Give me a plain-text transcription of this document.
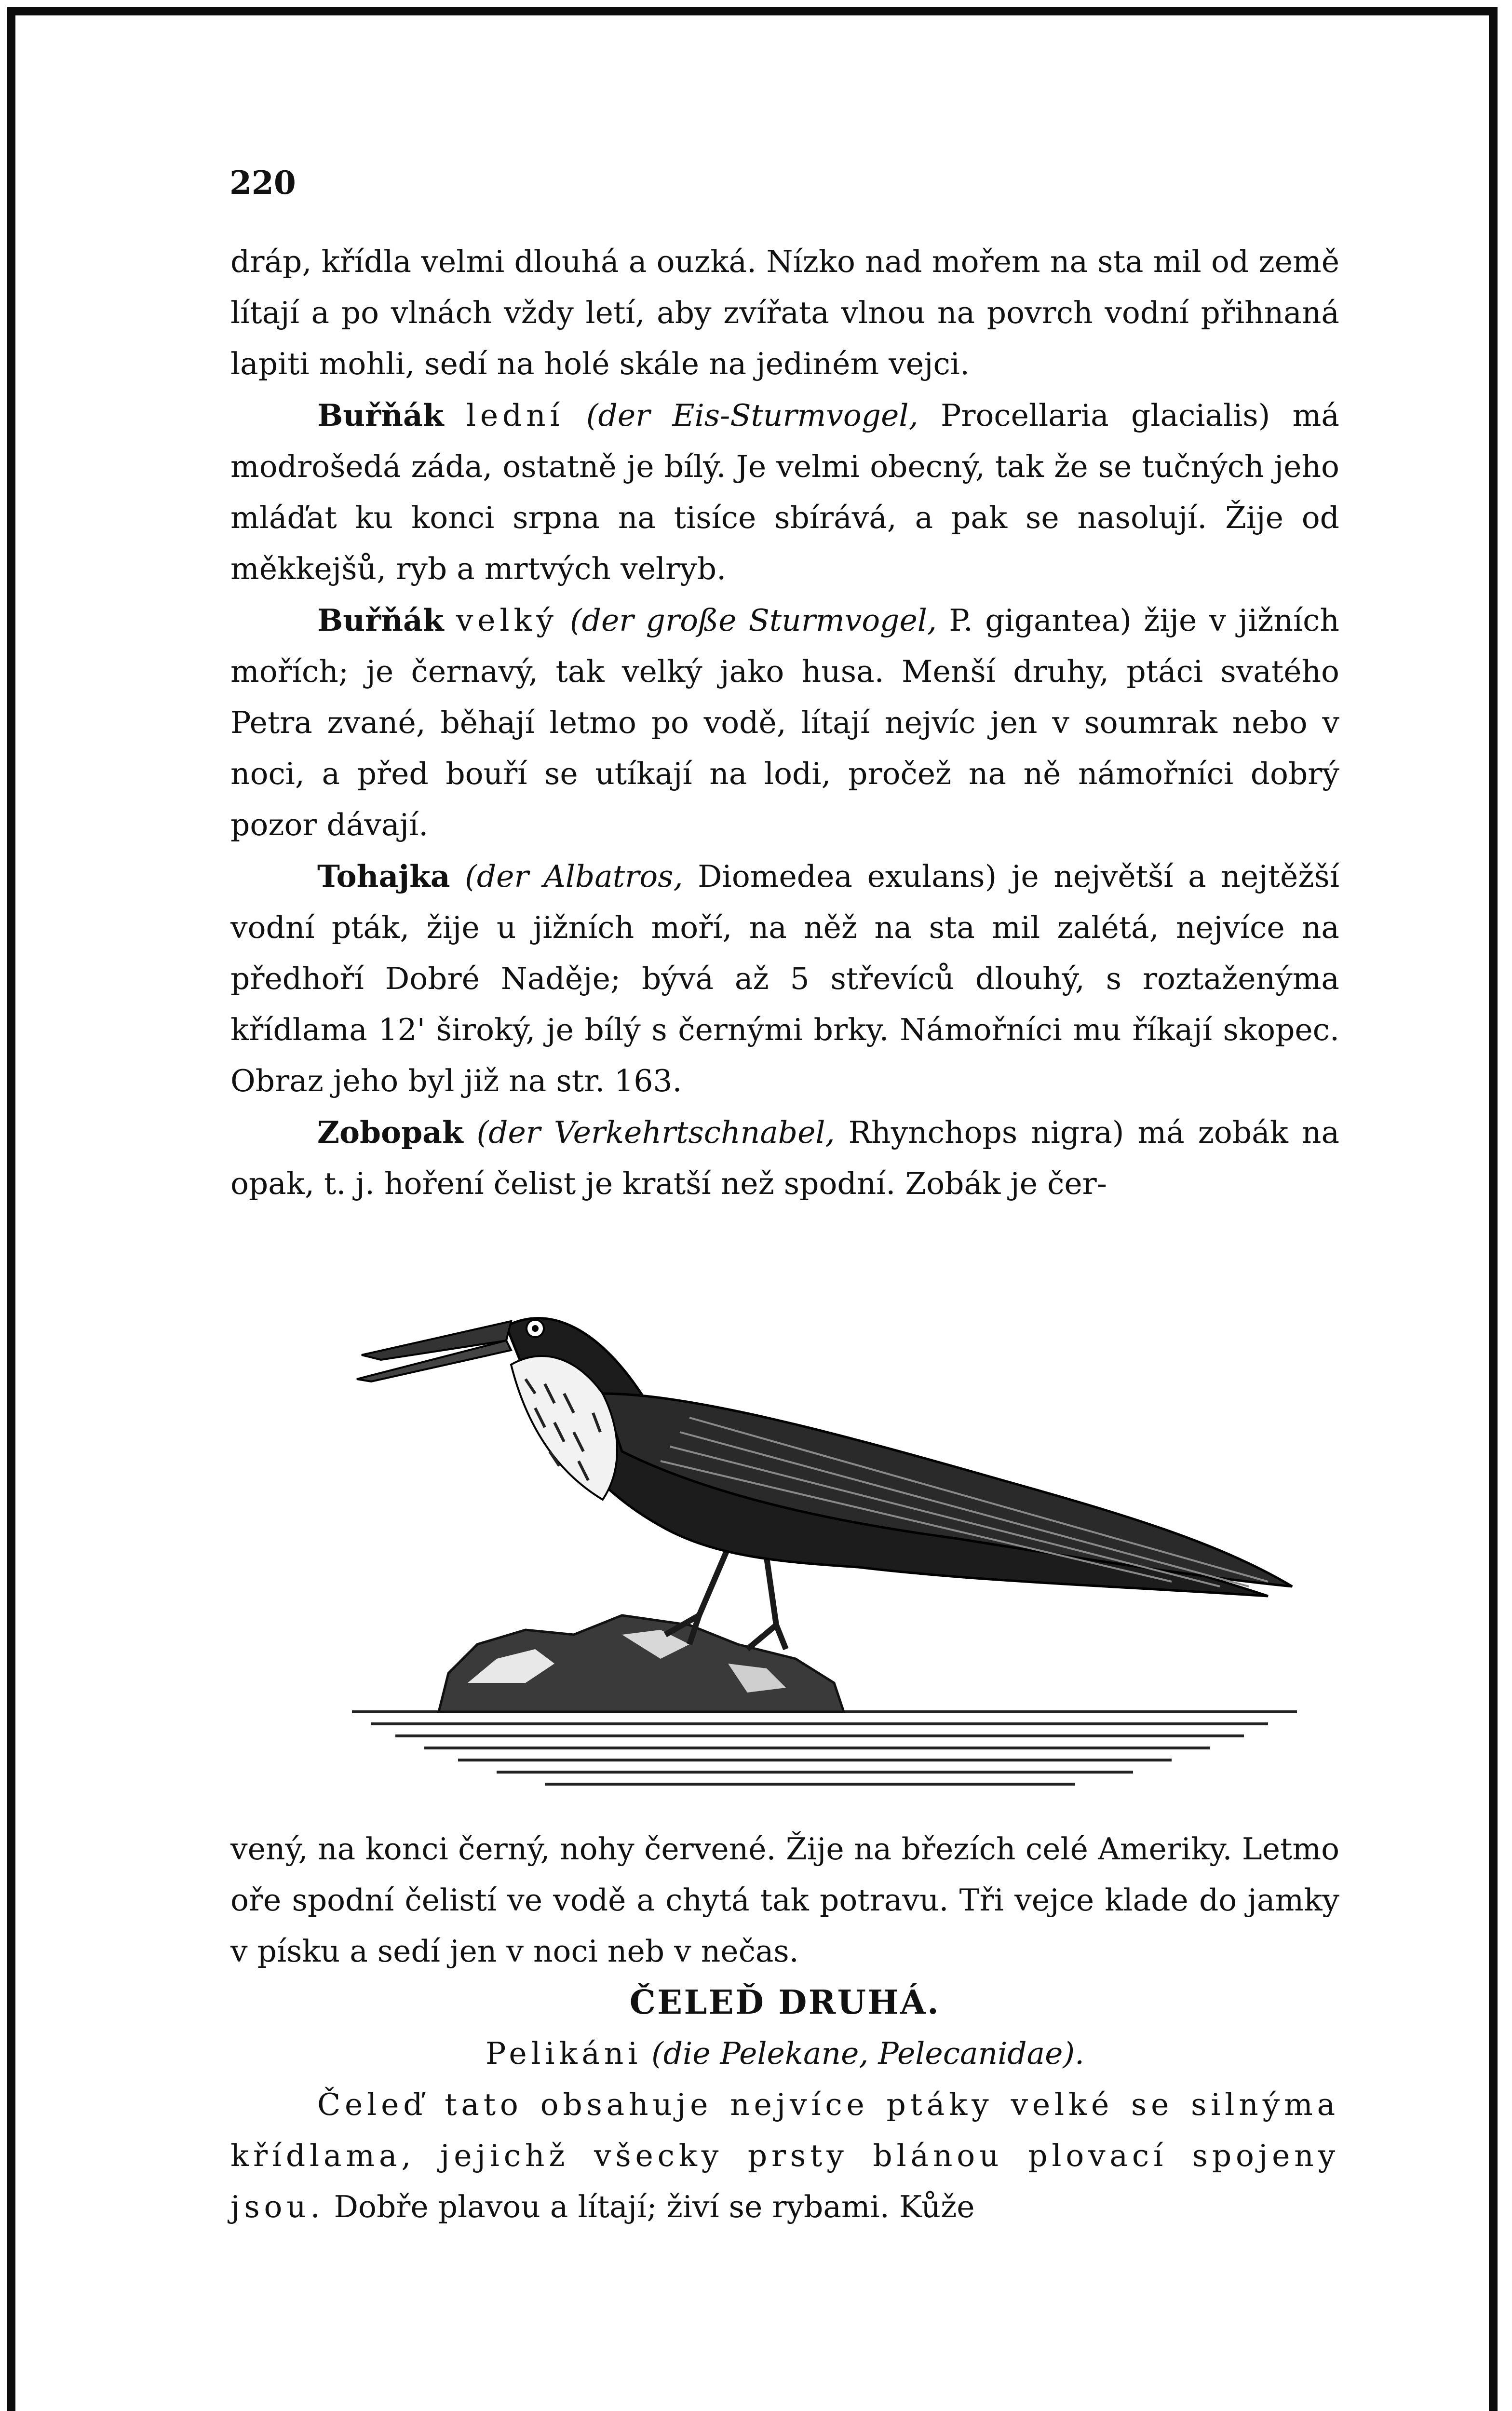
220

dráp, křídla velmi dlouhá a ouzká. Nízko nad mořem na sta mil od země lítají a po vlnách vždy letí, aby zvířata vlnou na povrch vodní přihnaná lapiti mohli, sedí na holé skále na jediném vejci.

Buřňák lední (der Eis-Sturmvogel, Procellaria glacialis) má modrošedá záda, ostatně je bílý. Je velmi obecný, tak že se tučných jeho mláďat ku konci srpna na tisíce sbírává, a pak se nasolují. Žije od měkkejšů, ryb a mrtvých velryb.

Buřňák velký (der große Sturmvogel, P. gigantea) žije v jižních mořích; je černavý, tak velký jako husa. Menší druhy, ptáci svatého Petra zvané, běhají letmo po vodě, lítají nejvíc jen v soumrak nebo v noci, a před bouří se utíkají na lodi, pročež na ně námořníci dobrý pozor dávají.

Tohajka (der Albatros, Diomedea exulans) je největší a nejtěžší vodní pták, žije u jižních moří, na něž na sta mil zalétá, nejvíce na předhoří Dobré Naděje; bývá až 5 střevíců dlouhý, s roztaženýma křídlama 12' široký, je bílý s černými brky. Námořníci mu říkají skopec. Obraz jeho byl již na str. 163.

Zobopak (der Verkehrtschnabel, Rhynchops nigra) má zobák na opak, t. j. hoření čelist je kratší než spodní. Zobák je čer-

vený, na konci černý, nohy červené. Žije na březích celé Ameriky. Letmo oře spodní čelistí ve vodě a chytá tak potravu. Tři vejce klade do jamky v písku a sedí jen v noci neb v nečas.

ČELEĎ DRUHÁ.

Pelikáni (die Pelekane, Pelecanidae).

Čeleď tato obsahuje nejvíce ptáky velké se silnýma křídlama, jejichž všecky prsty blánou plovací spojeny jsou. Dobře plavou a lítají; živí se rybami. Kůže
